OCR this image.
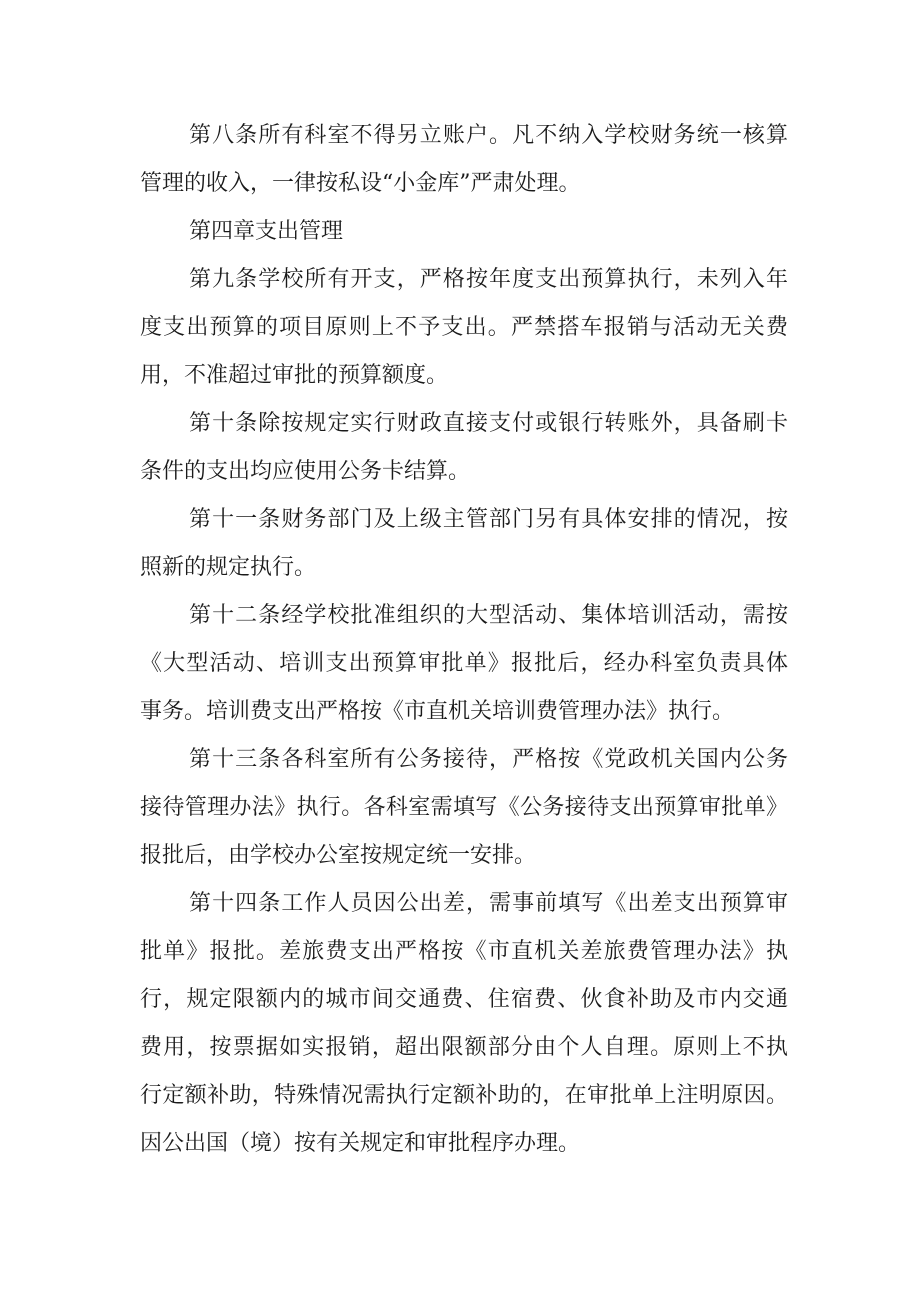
第八条所有科室不得另立账户。凡不纳入学校财务统一核算
管理的收入，一律按私设“小金库”严肃处理。
第四章支出管理
第九条学校所有开支，严格按年度支出预算执行，未列入年
度支出预算的项目原则上不予支出。严禁搭车报销与活动无关费
用，不准超过审批的预算额度。
第十条除按规定实行财政直接支付或银行转账外，具备刷卡
条件的支出均应使用公务卡结算。
第十一条财务部门及上级主管部门另有具体安排的情况，按
照新的规定执行。
第十二条经学校批准组织的大型活动、集体培训活动，需按
《大型活动、培训支出预算审批单》报批后，经办科室负责具体
事务。培训费支出严格按《市直机关培训费管理办法》执行。
第十三条各科室所有公务接待，严格按《党政机关国内公务
接待管理办法》执行。各科室需填写《公务接待支出预算审批单》
报批后，由学校办公室按规定统一安排。
第十四条工作人员因公出差，需事前填写《出差支出预算审
批单》报批。差旅费支出严格按《市直机关差旅费管理办法》执
行，规定限额内的城市间交通费、住宿费、伙食补助及市内交通
费用，按票据如实报销，超出限额部分由个人自理。原则上不执
行定额补助，特殊情况需执行定额补助的，在审批单上注明原因。
因公出国（境）按有关规定和审批程序办理。
